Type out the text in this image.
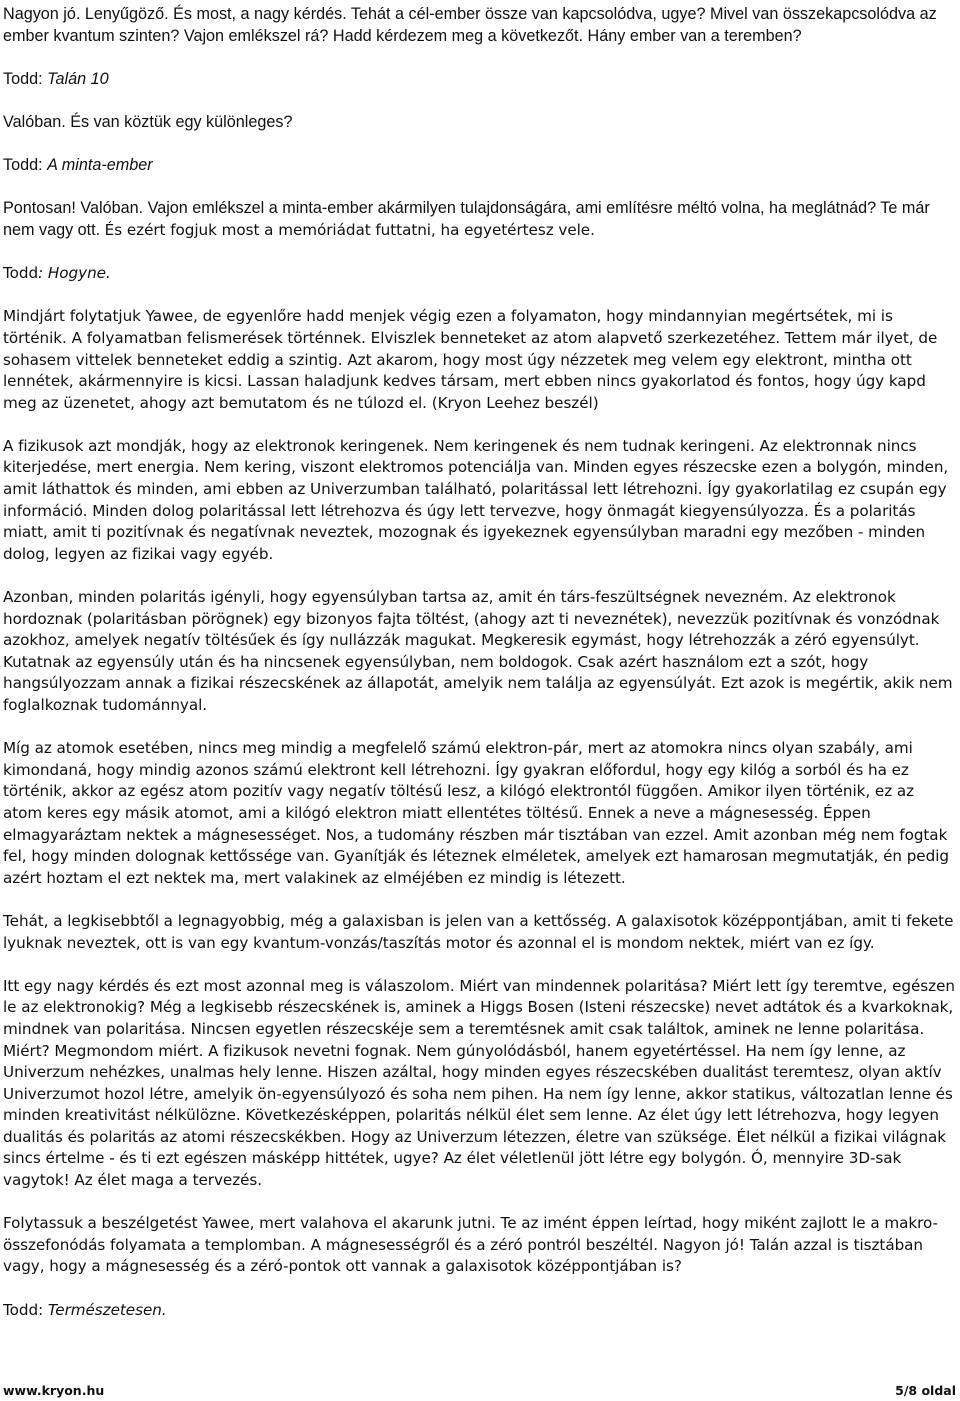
Nagyon jó. Lenyűgöző. És most, a nagy kérdés. Tehát a cél-ember össze van kapcsolódva, ugye? Mivel van összekapcsolódva az ember kvantum szinten? Vajon emlékszel rá? Hadd kérdezem meg a következőt. Hány ember van a teremben?

Todd: Talán 10

Valóban. És van köztük egy különleges?

Todd: A minta-ember

Pontosan! Valóban. Vajon emlékszel a minta-ember akármilyen tulajdonságára, ami említésre méltó volna, ha meglátnád? Te már nem vagy ott. És ezért fogjuk most a memóriádat futtatni, ha egyetértesz vele.

Todd: Hogyne.

Mindjárt folytatjuk Yawee, de egyenlőre hadd menjek végig ezen a folyamaton, hogy mindannyian megértsétek, mi is történik. A folyamatban felismerések történnek. Elviszlek benneteket az atom alapvető szerkezetéhez. Tettem már ilyet, de sohasem vittelek benneteket eddig a szintig. Azt akarom, hogy most úgy nézzetek meg velem egy elektront, mintha ott lennétek, akármennyire is kicsi. Lassan haladjunk kedves társam, mert ebben nincs gyakorlatod és fontos, hogy úgy kapd meg az üzenetet, ahogy azt bemutatom és ne túlozd el. (Kryon Leehez beszél)

A fizikusok azt mondják, hogy az elektronok keringenek. Nem keringenek és nem tudnak keringeni. Az elektronnak nincs kiterjedése, mert energia. Nem kering, viszont elektromos potenciálja van. Minden egyes részecske ezen a bolygón, minden, amit láthattok és minden, ami ebben az Univerzumban található, polaritással lett létrehozni. Így gyakorlatilag ez csupán egy információ. Minden dolog polaritással lett létrehozva és úgy lett tervezve, hogy önmagát kiegyensúlyozza. És a polaritás miatt, amit ti pozitívnak és negatívnak neveztek, mozognak és igyekeznek egyensúlyban maradni egy mezőben - minden dolog, legyen az fizikai vagy egyéb.

Azonban, minden polaritás igényli, hogy egyensúlyban tartsa az, amit én társ-feszültségnek nevezném. Az elektronok hordoznak (polaritásban pörögnek) egy bizonyos fajta töltést, (ahogy azt ti neveznétek), nevezzük pozitívnak és vonzódnak azokhoz, amelyek negatív töltésűek és így nullázzák magukat. Megkeresik egymást, hogy létrehozzák a zéró egyensúlyt. Kutatnak az egyensúly után és ha nincsenek egyensúlyban, nem boldogok. Csak azért használom ezt a szót, hogy hangsúlyozzam annak a fizikai részecskének az állapotát, amelyik nem találja az egyensúlyát. Ezt azok is megértik, akik nem foglalkoznak tudománnyal.

Míg az atomok esetében, nincs meg mindig a megfelelő számú elektron-pár, mert az atomokra nincs olyan szabály, ami kimondaná, hogy mindig azonos számú elektront kell létrehozni. Így gyakran előfordul, hogy egy kilóg a sorból és ha ez történik, akkor az egész atom pozitív vagy negatív töltésű lesz, a kilógó elektrontól függően. Amikor ilyen történik, ez az atom keres egy másik atomot, ami a kilógó elektron miatt ellentétes töltésű. Ennek a neve a mágnesesség. Éppen elmagyaráztam nektek a mágnesességet. Nos, a tudomány részben már tisztában van ezzel. Amit azonban még nem fogtak fel, hogy minden dolognak kettőssége van. Gyanítják és léteznek elméletek, amelyek ezt hamarosan megmutatják, én pedig azért hoztam el ezt nektek ma, mert valakinek az elméjében ez mindig is létezett.

Tehát, a legkisebbtől a legnagyobbig, még a galaxisban is jelen van a kettősség. A galaxisotok középpontjában, amit ti fekete lyuknak neveztek, ott is van egy kvantum-vonzás/taszítás motor és azonnal el is mondom nektek, miért van ez így.

Itt egy nagy kérdés és ezt most azonnal meg is válaszolom. Miért van mindennek polaritása? Miért lett így teremtve, egészen le az elektronokig? Még a legkisebb részecskének is, aminek a Higgs Bosen (Isteni részecske) nevet adtátok és a kvarkoknak, mindnek van polaritása. Nincsen egyetlen részecskéje sem a teremtésnek amit csak találtok, aminek ne lenne polaritása. Miért? Megmondom miért. A fizikusok nevetni fognak. Nem gúnyolódásból, hanem egyetértéssel. Ha nem így lenne, az Univerzum nehézkes, unalmas hely lenne. Hiszen azáltal, hogy minden egyes részecskében dualitást teremtesz, olyan aktív Univerzumot hozol létre, amelyik ön-egyensúlyozó és soha nem pihen. Ha nem így lenne, akkor statikus, változatlan lenne és minden kreativitást nélkülözne. Következésképpen, polaritás nélkül élet sem lenne. Az élet úgy lett létrehozva, hogy legyen dualitás és polaritás az atomi részecskékben. Hogy az Univerzum létezzen, életre van szüksége. Élet nélkül a fizikai világnak sincs értelme - és ti ezt egészen másképp hittétek, ugye? Az élet véletlenül jött létre egy bolygón. Ó, mennyire 3D-sak vagytok! Az élet maga a tervezés.

Folytassuk a beszélgetést Yawee, mert valahova el akarunk jutni. Te az imént éppen leírtad, hogy miként zajlott le a makro-összefonódás folyamata a templomban. A mágnesességről és a zéró pontról beszéltél. Nagyon jó! Talán azzal is tisztában vagy, hogy a mágnesesség és a zéró-pontok ott vannak a galaxisotok középpontjában is?

Todd: Természetesen.

www.kryon.hu	5/8 oldal
